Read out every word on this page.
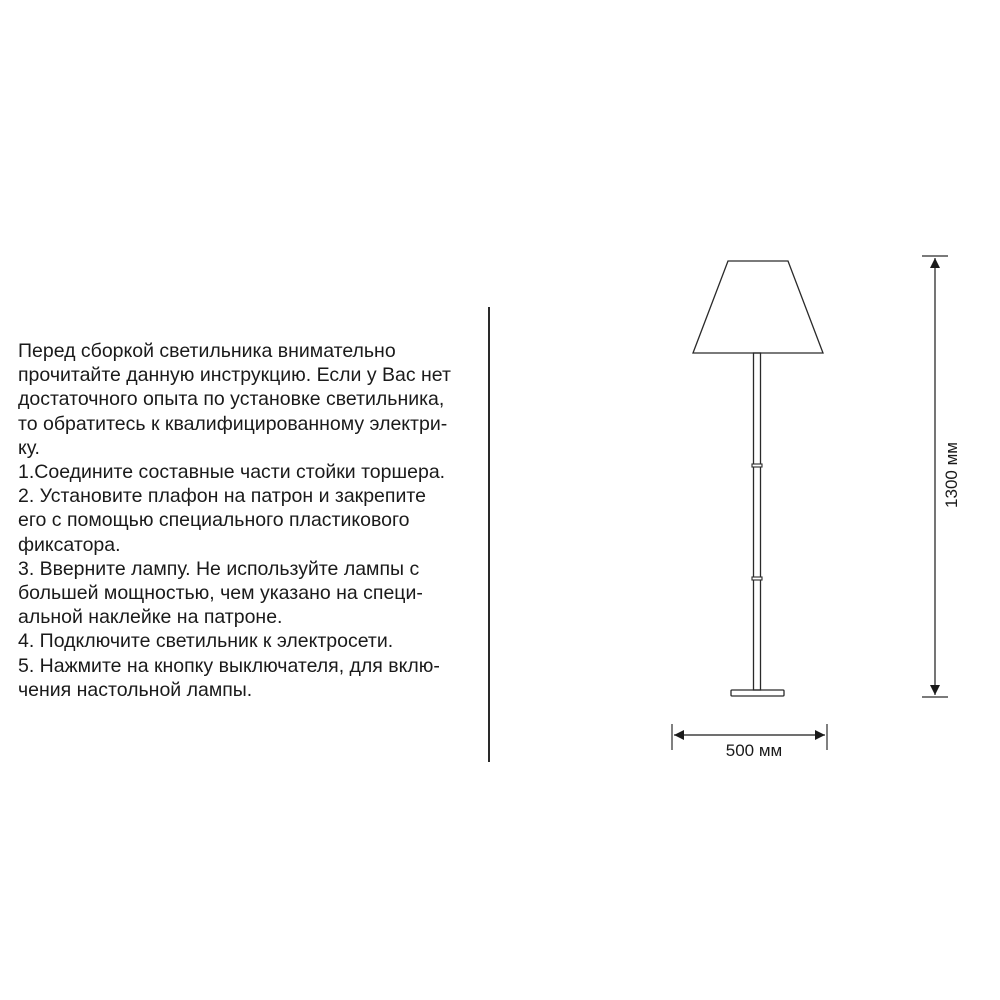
Перед сборкой светильника внимательно
прочитайте данную инструкцию. Если у Вас нет
достаточного опыта по установке светильника,
то обратитесь к квалифицированному электри-
ку.
1.Соедините составные части стойки торшера.
2. Установите плафон на патрон и закрепите
его с помощью специального пластикового
фиксатора.
3. Вверните лампу. Не используйте лампы с
большей мощностью, чем указано на специ-
альной наклейке на патроне.
4. Подключите светильник к электросети.
5. Нажмите на кнопку выключателя, для вклю-
чения настольной лампы.
500 мм
1300 мм
